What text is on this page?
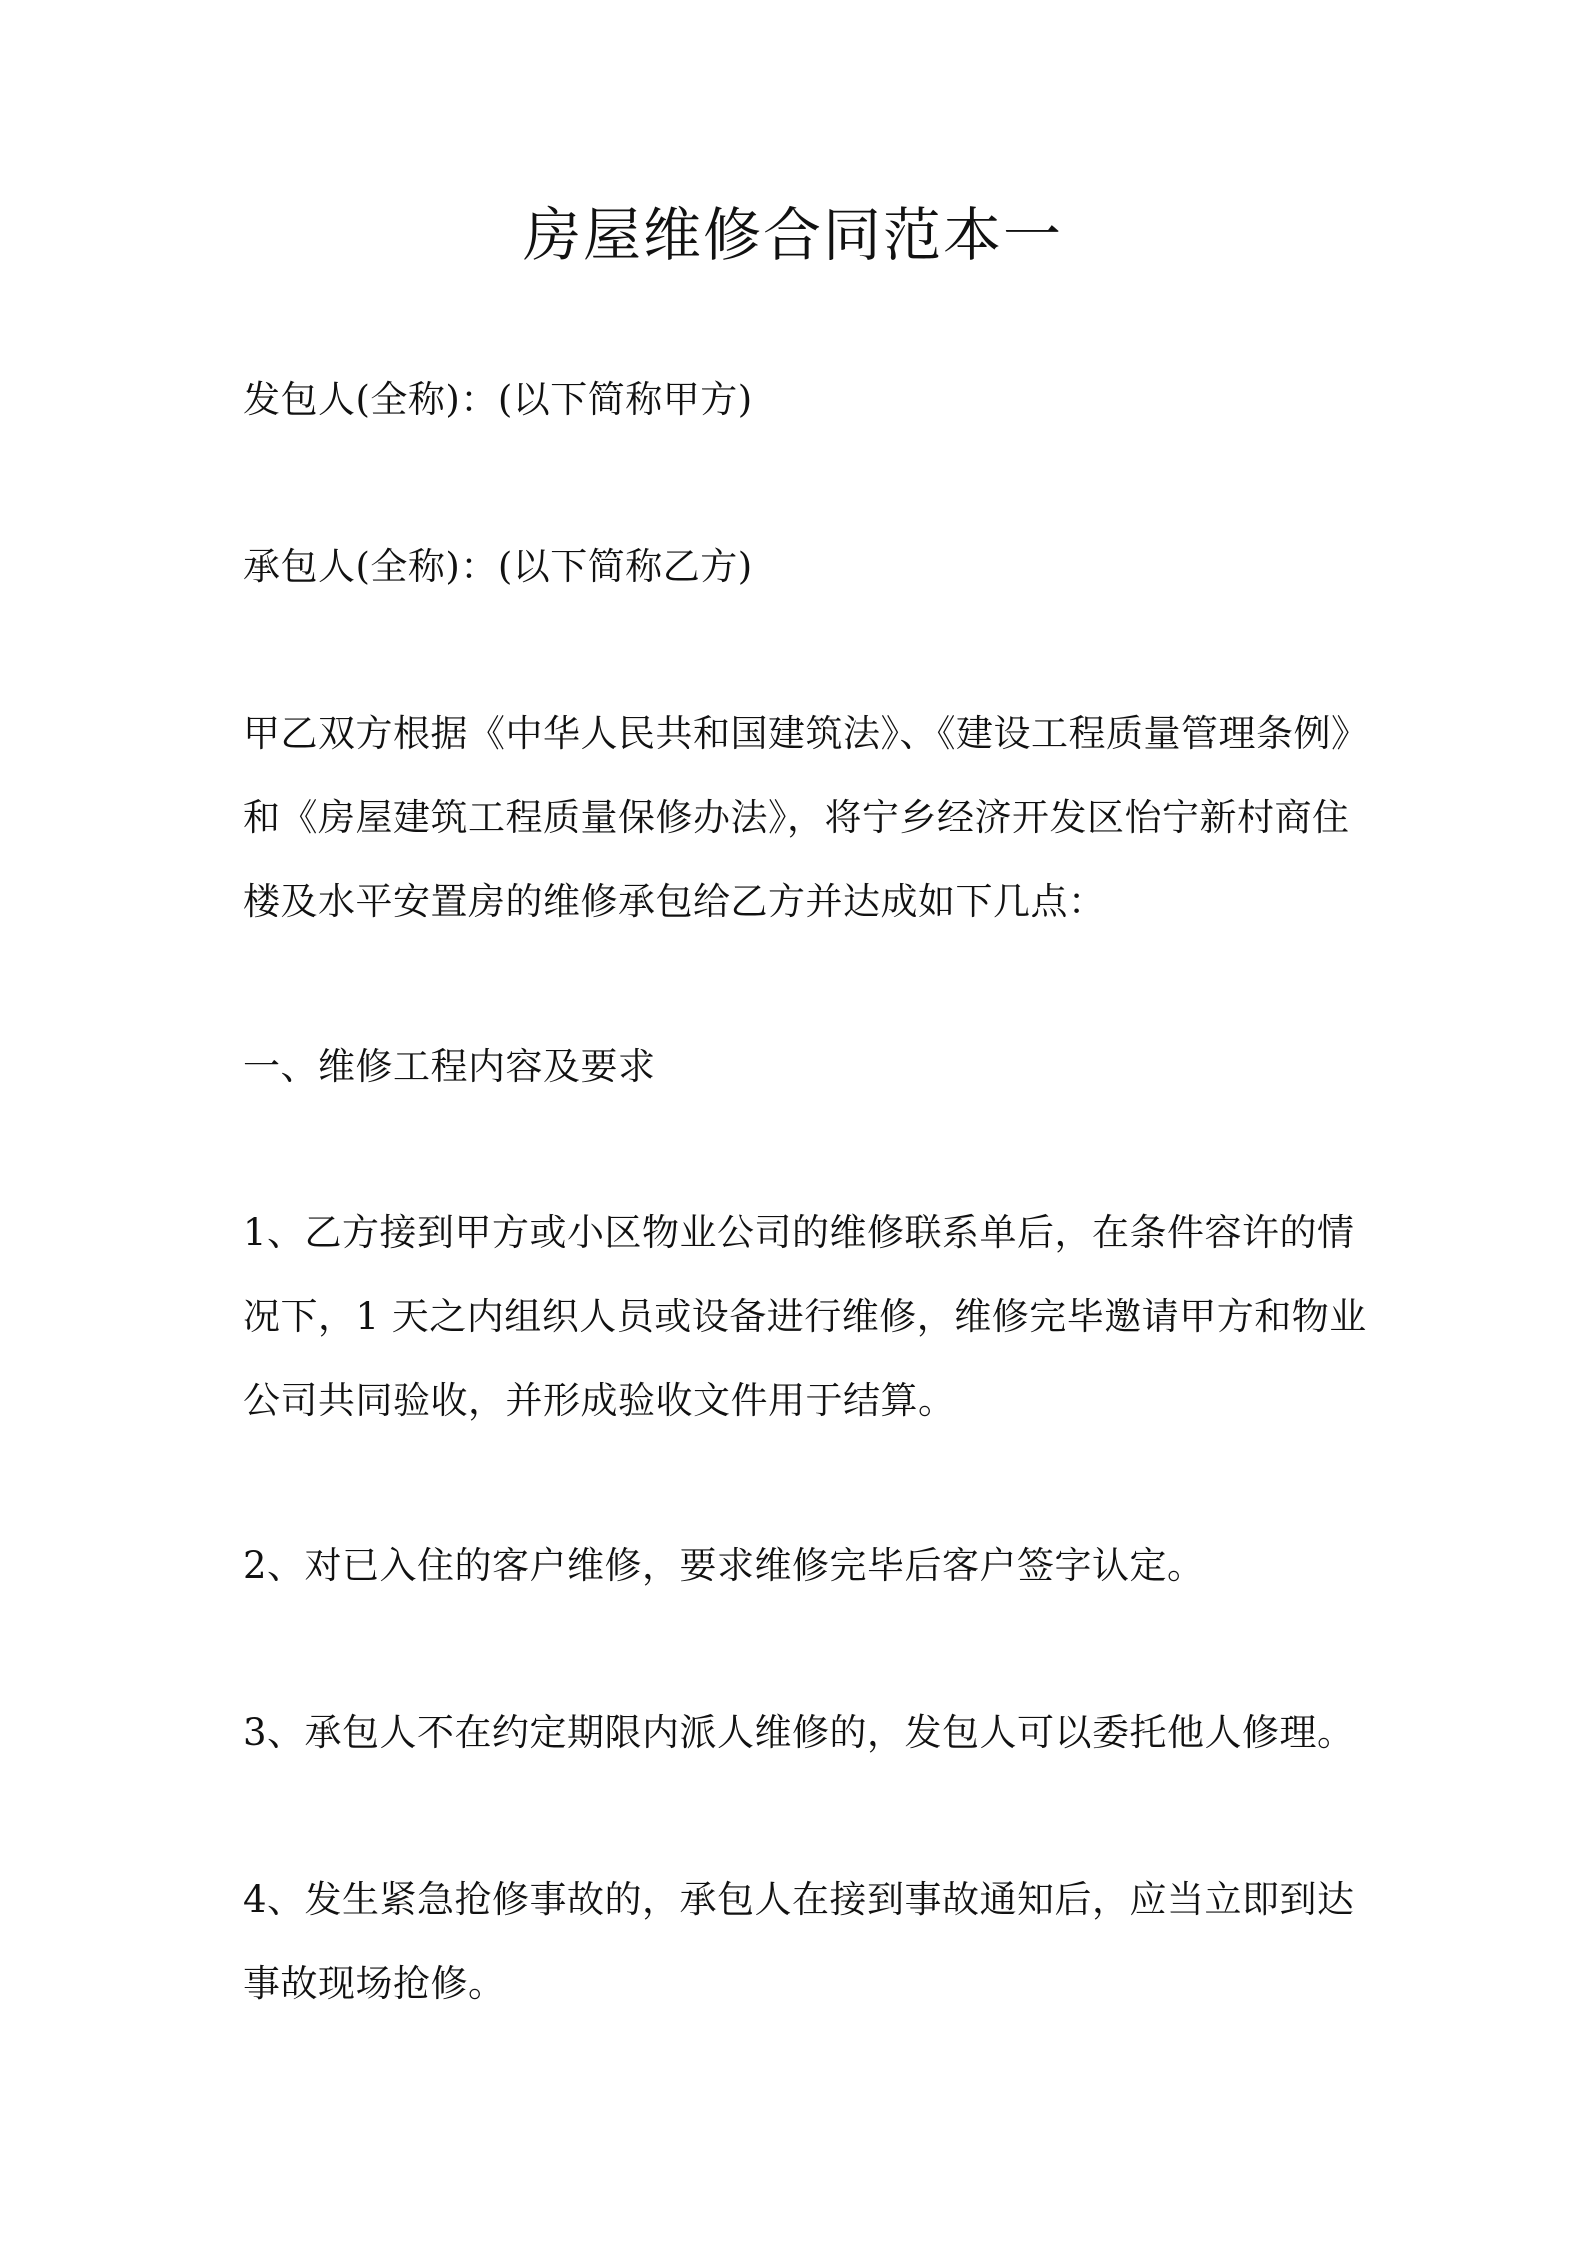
房屋维修合同范本一

发包人(全称)：(以下简称甲方)

承包人(全称)：(以下简称乙方)

甲乙双方根据《中华人民共和国建筑法》、《建设工程质量管理条例》
和《房屋建筑工程质量保修办法》，将宁乡经济开发区怡宁新村商住
楼及水平安置房的维修承包给乙方并达成如下几点：

一、维修工程内容及要求

1、乙方接到甲方或小区物业公司的维修联系单后，在条件容许的情
况下，1 天之内组织人员或设备进行维修，维修完毕邀请甲方和物业
公司共同验收，并形成验收文件用于结算。

2、对已入住的客户维修，要求维修完毕后客户签字认定。

3、承包人不在约定期限内派人维修的，发包人可以委托他人修理。

4、发生紧急抢修事故的，承包人在接到事故通知后，应当立即到达
事故现场抢修。
